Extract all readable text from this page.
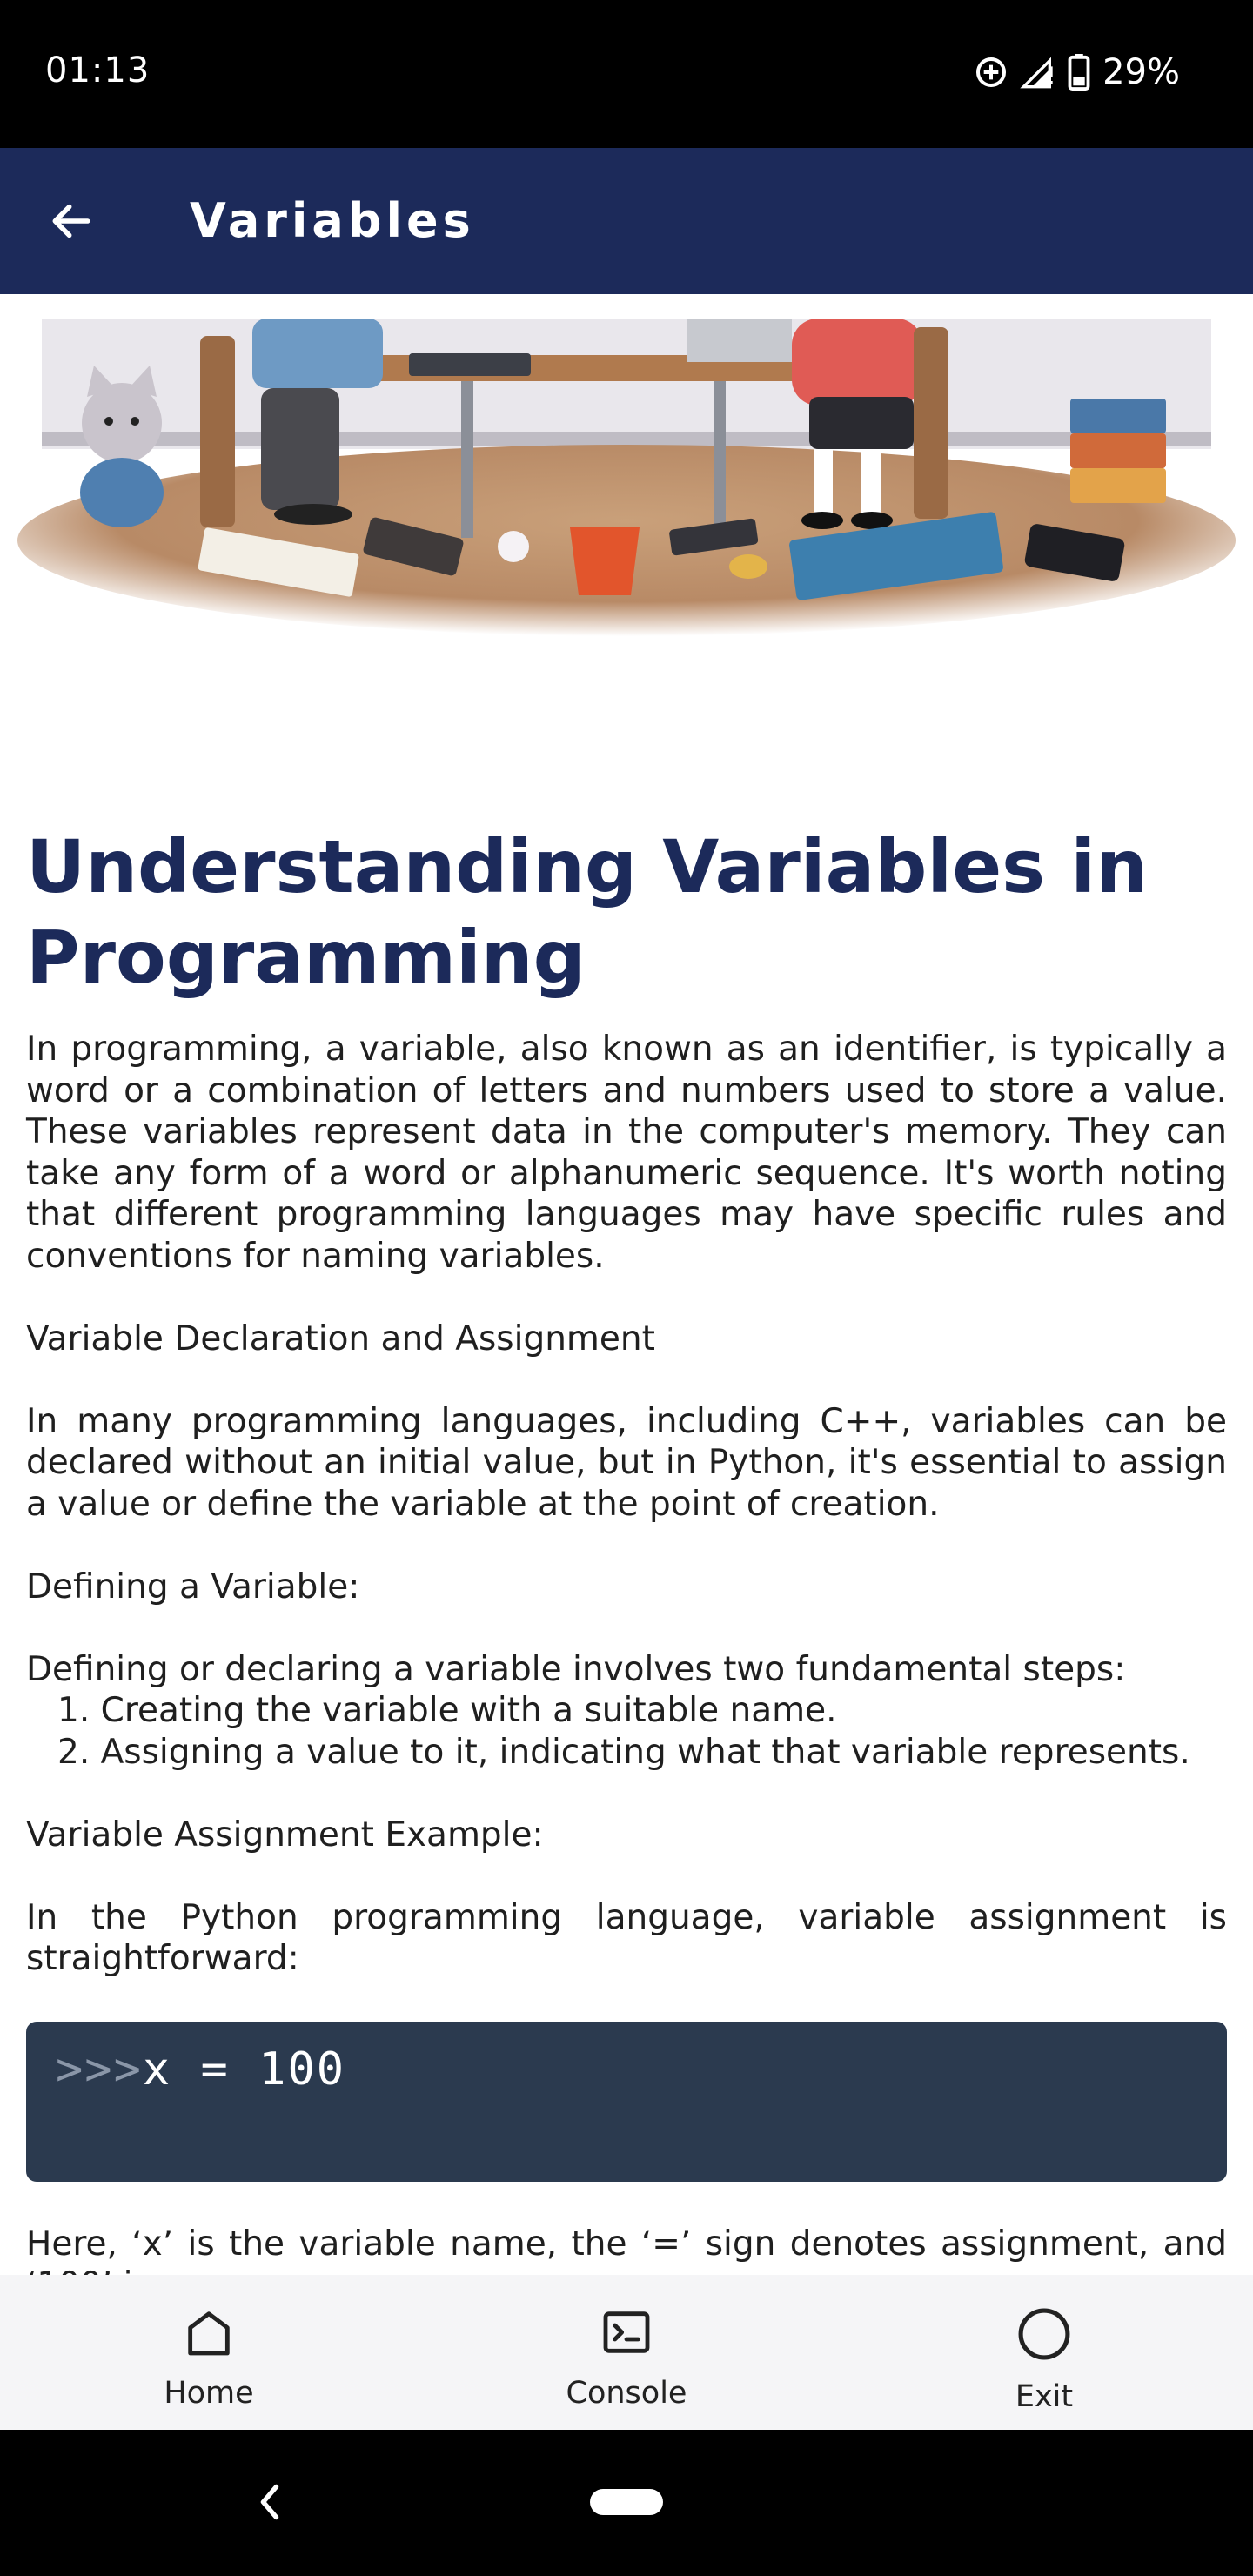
01:13	29%
Variables
Understanding Variables in Programming

In programming, a variable, also known as an identifier, is typically a word or a combination of letters and numbers used to store a value. These variables represent data in the computer's memory. They can take any form of a word or alphanumeric sequence. It's worth noting that different programming languages may have specific rules and conventions for naming variables.

Variable Declaration and Assignment

In many programming languages, including C++, variables can be declared without an initial value, but in Python, it's essential to assign a value or define the variable at the point of creation.

Defining a Variable:

Defining or declaring a variable involves two fundamental steps:

1. Creating the variable with a suitable name.
2. Assigning a value to it, indicating what that variable represents.

Variable Assignment Example:

In the Python programming language, variable assignment is straightforward:

>>>x = 100

Here, ‘x’ is the variable name, the ‘=’ sign denotes assignment, and

Home	Console	Exit
